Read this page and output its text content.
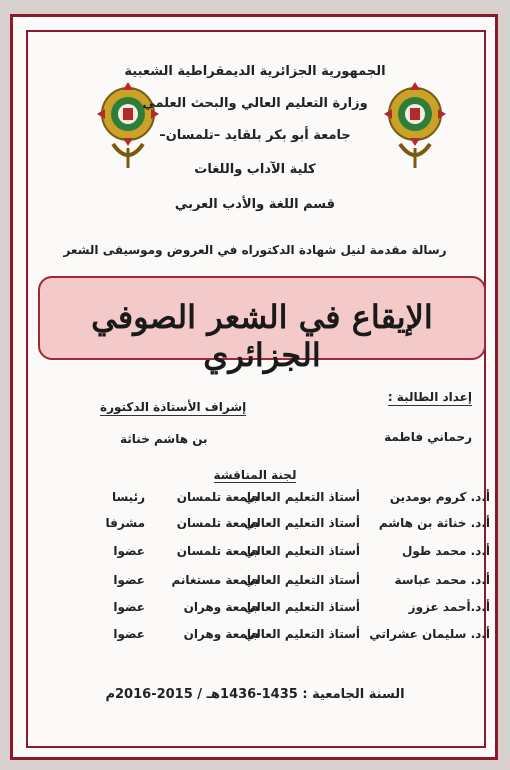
الجمهورية الجزائرية الديمقراطية الشعبية
وزارة التعليم العالي والبحث العلمي
جامعة أبو بكر بلقايد –تلمسان–
كلية الآداب واللغات
قسم اللغة والأدب العربي
رسالة مقدمة لنيل شهادة الدكتوراه في العروض وموسيقى الشعر
الإيقاع في الشعر الصوفي الجزائري
إعداد الطالبة :
رحماني فاطمة
إشراف الأستاذة الدكتورة
بن هاشم خناثة
لجنة المناقشة
أ.د. كروم بومدين
أستاذ التعليم العالي
جامعة تلمسان
رئيسا
أ.د. خناثة بن هاشم
أستاذ التعليم العالي
جامعة تلمسان
مشرفا
أ.د. محمد طول
أستاذ التعليم العالي
جامعة تلمسان
عضوا
أ.د. محمد عباسة
أستاذ التعليم العالي
جامعة مستغانم
عضوا
أ.د.أحمد عزوز
أستاذ التعليم العالي
جامعة وهران
عضوا
أ.د. سليمان عشراتي
أستاذ التعليم العالي
جامعة وهران
عضوا
السنة الجامعية : 1435-1436هـ / 2015-2016م
